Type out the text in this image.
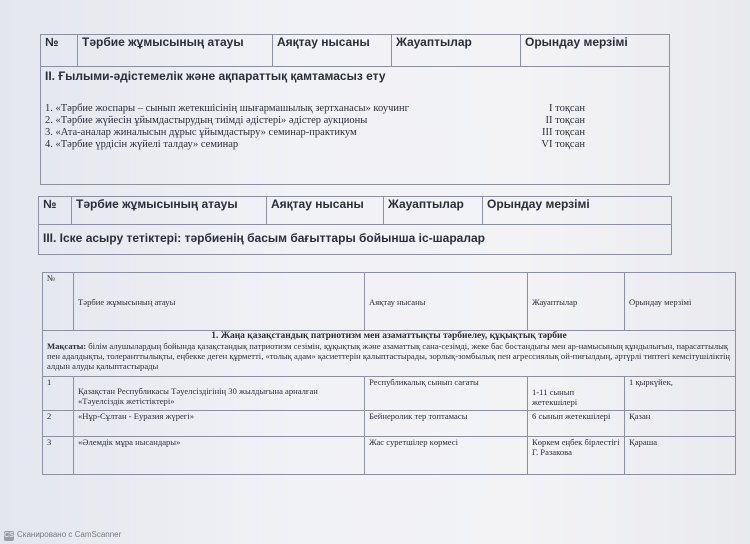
№	Тәрбие жұмысының атауы	Аяқтау нысаны	Жауаптылар	Орындау мерзімі

II. Ғылыми-әдістемелік және ақпараттық қамтамасыз ету
1. «Тәрбие жоспары – сынып жетекшісінің шығармашылық зертханасы» коучинг	I тоқсан
2. «Тәрбие жүйесін ұйымдастырудың тиімді әдістері» әдістер аукционы	II тоқсан
3. «Ата-аналар жиналысын дұрыс ұйымдастыру» семинар-практикум	III тоқсан
4. «Тәрбие үрдісін жүйелі талдау» семинар	VI тоқсан
№	Тәрбие жұмысының атауы	Аяқтау нысаны	Жауаптылар	Орындау мерзімі

III. Іске асыру тетіктері: тәрбиенің басым бағыттары бойынша іс-шаралар
№	Тәрбие жұмысының атауы	Аяқтау нысаны	Жауаптылар	Орындау мерзімі

1. Жаңа қазақстандық патриотизм мен азаматтықты тәрбиелеу, құқықтық тәрбие
Мақсаты: білім алушылардың бойында қазақстандық патриотизм сезімін, құқықтық және азаматтық сана-сезімді, жеке бас бостандығы мен ар-намысының құндылығын, парасаттылық пен адалдықты, толеранттылықты, еңбекке деген құрметті, «толық адам» қасиеттерін қалыптастырады, зорлық-зомбылық пен агрессиялық ой-пиғылдың, әртүрлі типтегі кемсітушіліктің алдын алуды қалыптастырады				

1	Қазақстан Республикасы Тәуелсіздігінің 30 жылдығына арналған «Тәуелсіздік жетістіктері»	Республикалық сынып сағаты	1-11 сынып жетекшілері	1 қыркүйек,
2	«Нұр-Сұлтан - Еуразия жүрегі»	Бейнеролик тер топтамасы	6 сынып жетекшілері	Қазан
3	«Әлемдік мұра нысандары»	Жас суретшілер көрмесі	Көркем еңбек бірлестігі Г. Разакова	Қараша
CS Сканировано с CamScanner
